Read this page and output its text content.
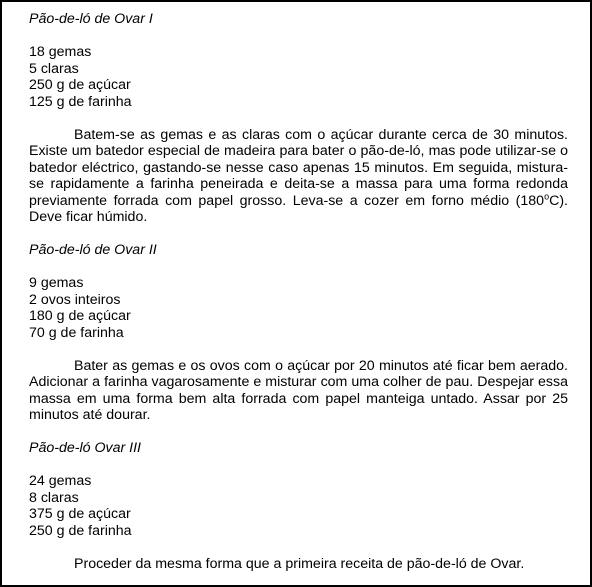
Pão-de-ló de Ovar I

18 gemas
5 claras
250 g de açúcar
125 g de farinha

Batem-se as gemas e as claras com o açúcar durante cerca de 30 minutos. Existe um batedor especial de madeira para bater o pão-de-ló, mas pode utilizar-se o batedor eléctrico, gastando-se nesse caso apenas 15 minutos. Em seguida, mistura-se rapidamente a farinha peneirada e deita-se a massa para uma forma redonda previamente forrada com papel grosso. Leva-se a cozer em forno médio (180$^o$C). Deve ficar húmido.

Pão-de-ló de Ovar II

9 gemas
2 ovos inteiros
180 g de açúcar
70 g de farinha

Bater as gemas e os ovos com o açúcar por 20 minutos até ficar bem aerado. Adicionar a farinha vagarosamente e misturar com uma colher de pau. Despejar essa massa em uma forma bem alta forrada com papel manteiga untado. Assar por 25 minutos até dourar.

Pão-de-ló Ovar III

24 gemas
8 claras
375 g de açúcar
250 g de farinha

Proceder da mesma forma que a primeira receita de pão-de-ló de Ovar.
